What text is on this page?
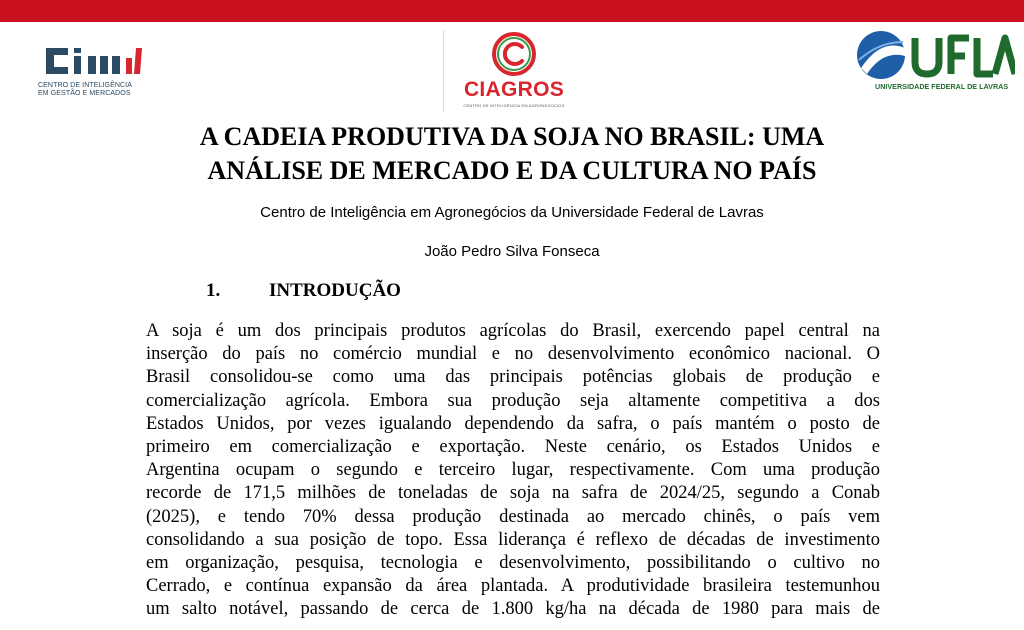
CENTRO DE INTELIGÊNCIA
EM GESTÃO E MERCADOS	CIAGROS
CENTRO DE INTELIGÊNCIA EM AGRONEGÓCIOS
UNIVERSIDADE FEDERAL DE LAVRAS
A CADEIA PRODUTIVA DA SOJA NO BRASIL: UMA
ANÁLISE DE MERCADO E DA CULTURA NO PAÍS
Centro de Inteligência em Agronegócios da Universidade Federal de Lavras
João Pedro Silva Fonseca
1.	INTRODUÇÃO
A soja é um dos principais produtos agrícolas do Brasil, exercendo papel central na
inserção do país no comércio mundial e no desenvolvimento econômico nacional. O
Brasil consolidou-se como uma das principais potências globais de produção e
comercialização agrícola. Embora sua produção seja altamente competitiva a dos
Estados Unidos, por vezes igualando dependendo da safra, o país mantém o posto de
primeiro em comercialização e exportação. Neste cenário, os Estados Unidos e
Argentina ocupam o segundo e terceiro lugar, respectivamente. Com uma produção
recorde de 171,5 milhões de toneladas de soja na safra de 2024/25, segundo a Conab
(2025), e tendo 70% dessa produção destinada ao mercado chinês, o país vem
consolidando a sua posição de topo. Essa liderança é reflexo de décadas de investimento
em organização, pesquisa, tecnologia e desenvolvimento, possibilitando o cultivo no
Cerrado, e contínua expansão da área plantada. A produtividade brasileira testemunhou
um salto notável, passando de cerca de 1.800 kg/ha na década de 1980 para mais de
